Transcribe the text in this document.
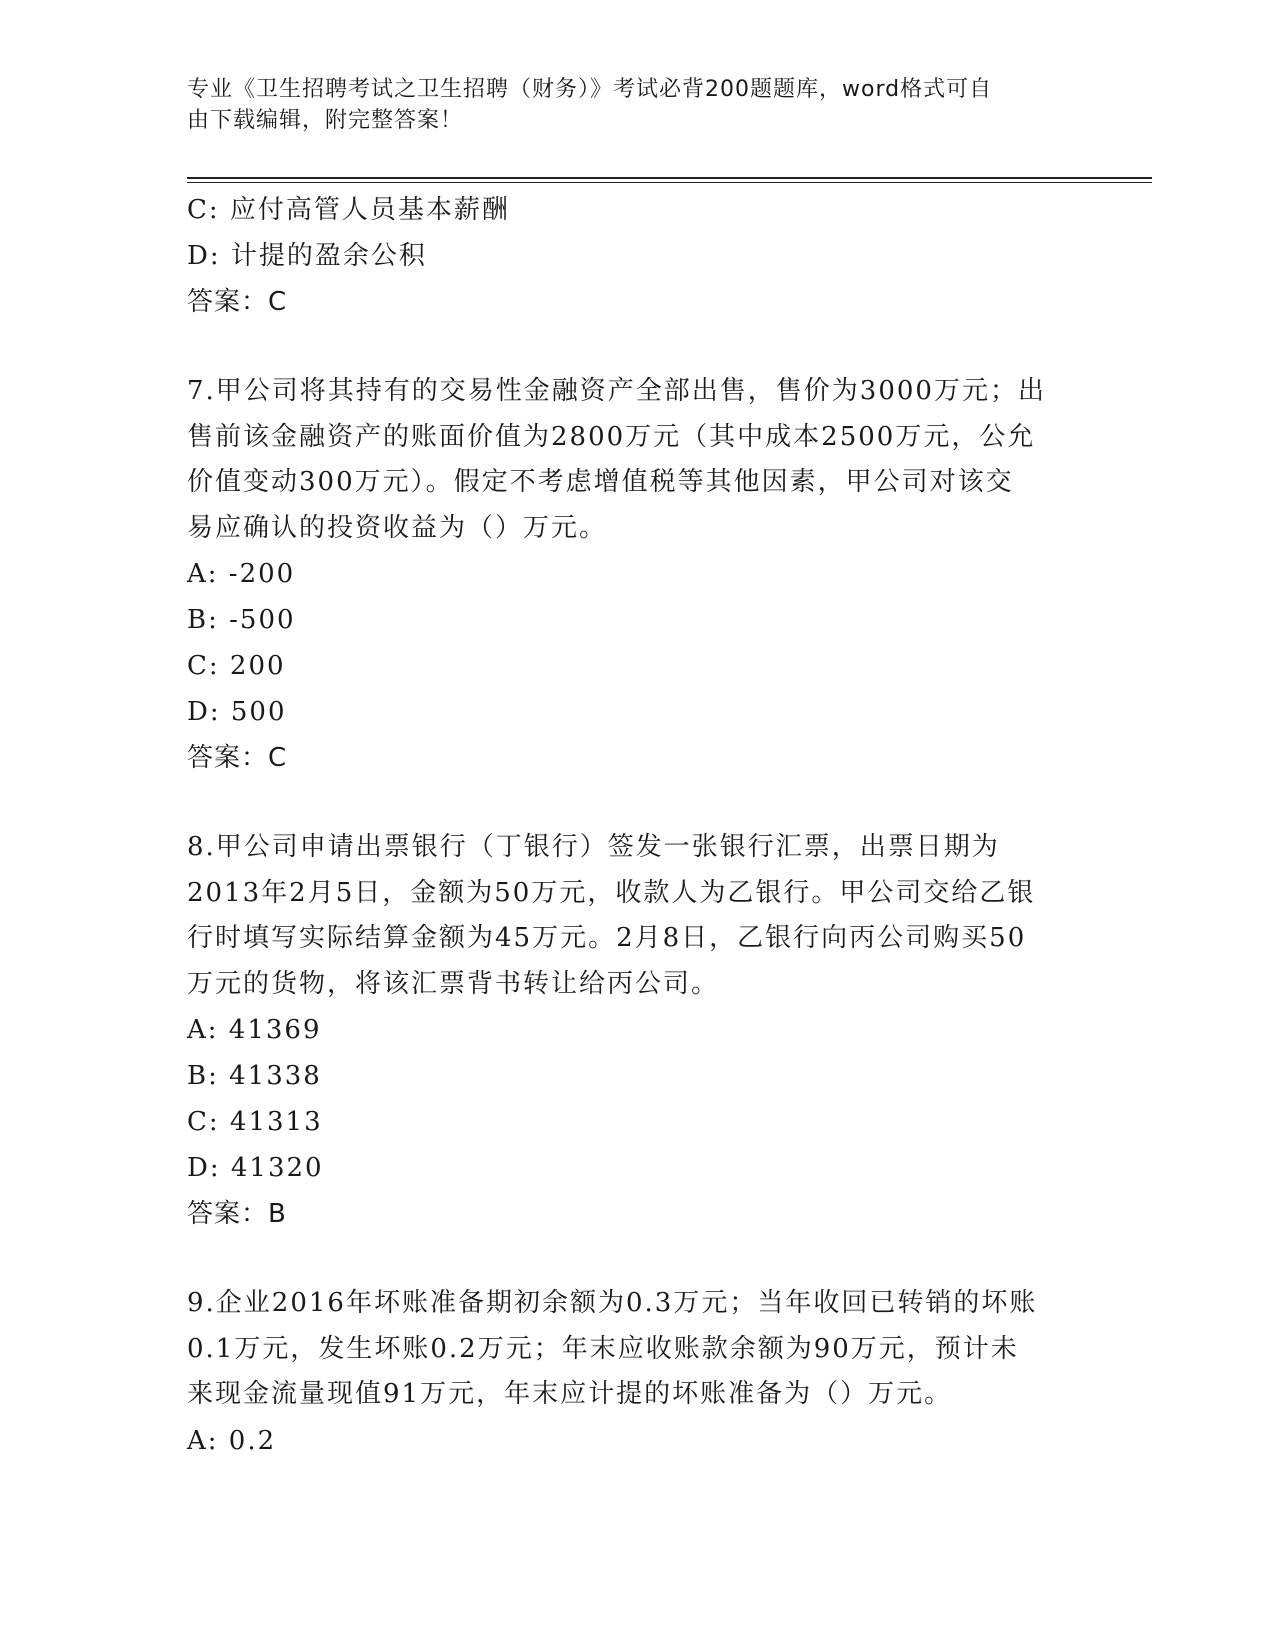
专业《卫生招聘考试之卫生招聘（财务）》考试必背200题题库，word格式可自
由下载编辑，附完整答案！
C: 应付高管人员基本薪酬
D: 计提的盈余公积
答案：C
7.甲公司将其持有的交易性金融资产全部出售，售价为3000万元；出
售前该金融资产的账面价值为2800万元（其中成本2500万元，公允
价值变动300万元）。假定不考虑增值税等其他因素，甲公司对该交
易应确认的投资收益为（）万元。
A: -200
B: -500
C: 200
D: 500
答案：C
8.甲公司申请出票银行（丁银行）签发一张银行汇票，出票日期为
2013年2月5日，金额为50万元，收款人为乙银行。甲公司交给乙银
行时填写实际结算金额为45万元。2月8日，乙银行向丙公司购买50
万元的货物，将该汇票背书转让给丙公司。
A: 41369
B: 41338
C: 41313
D: 41320
答案：B
9.企业2016年坏账准备期初余额为0.3万元；当年收回已转销的坏账
0.1万元，发生坏账0.2万元；年末应收账款余额为90万元，预计未
来现金流量现值91万元，年末应计提的坏账准备为（）万元。
A: 0.2
